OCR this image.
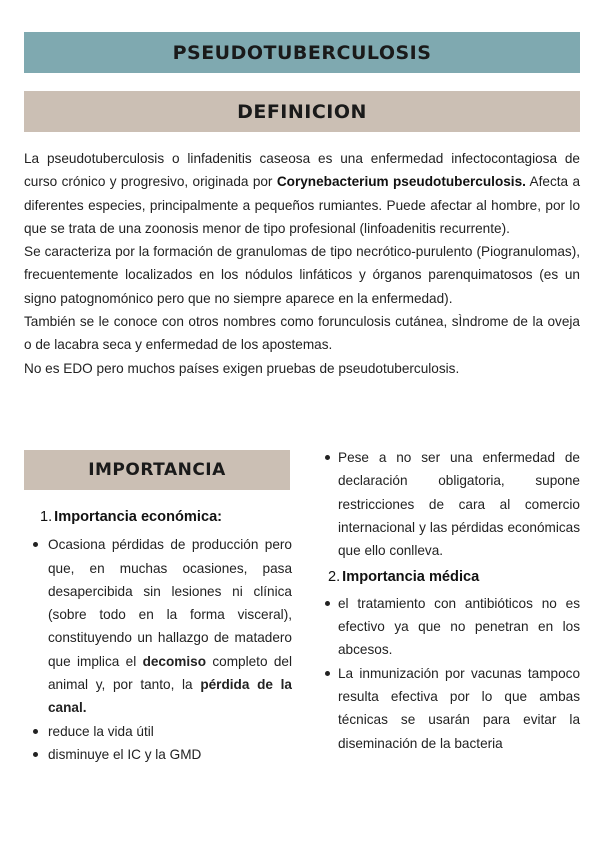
PSEUDOTUBERCULOSIS
DEFINICION

La pseudotuberculosis o linfadenitis caseosa es una enfermedad infectocontagiosa de curso crónico y progresivo, originada por Corynebacterium pseudotuberculosis. Afecta a diferentes especies, principalmente a pequeños rumiantes. Puede afectar al hombre, por lo que se trata de una zoonosis menor de tipo profesional (linfoadenitis recurrente).

Se caracteriza por la formación de granulomas de tipo necrótico-purulento (Piogranulomas), frecuentemente localizados en los nódulos linfáticos y órganos parenquimatosos (es un signo patognomónico pero que no siempre aparece en la enfermedad).

También se le conoce con otros nombres como forunculosis cutánea, sÌndrome de la oveja o de lacabra seca y enfermedad de los apostemas.

No es EDO pero muchos países exigen pruebas de pseudotuberculosis.

IMPORTANCIA
1. Importancia económica:
Ocasiona pérdidas de producción pero que, en muchas ocasiones, pasa desapercibida sin lesiones ni clínica (sobre todo en la forma visceral), constituyendo un hallazgo de matadero que implica el decomiso completo del animal y, por tanto, la pérdida de la canal.
reduce la vida útil
disminuye el IC y la GMD
Pese a no ser una enfermedad de declaración obligatoria, supone restricciones de cara al comercio internacional y las pérdidas económicas que ello conlleva.
2. Importancia médica
el tratamiento con antibióticos no es efectivo ya que no penetran en los abcesos.
La inmunización por vacunas tampoco resulta efectiva por lo que ambas técnicas se usarán para evitar la diseminación de la bacteria
